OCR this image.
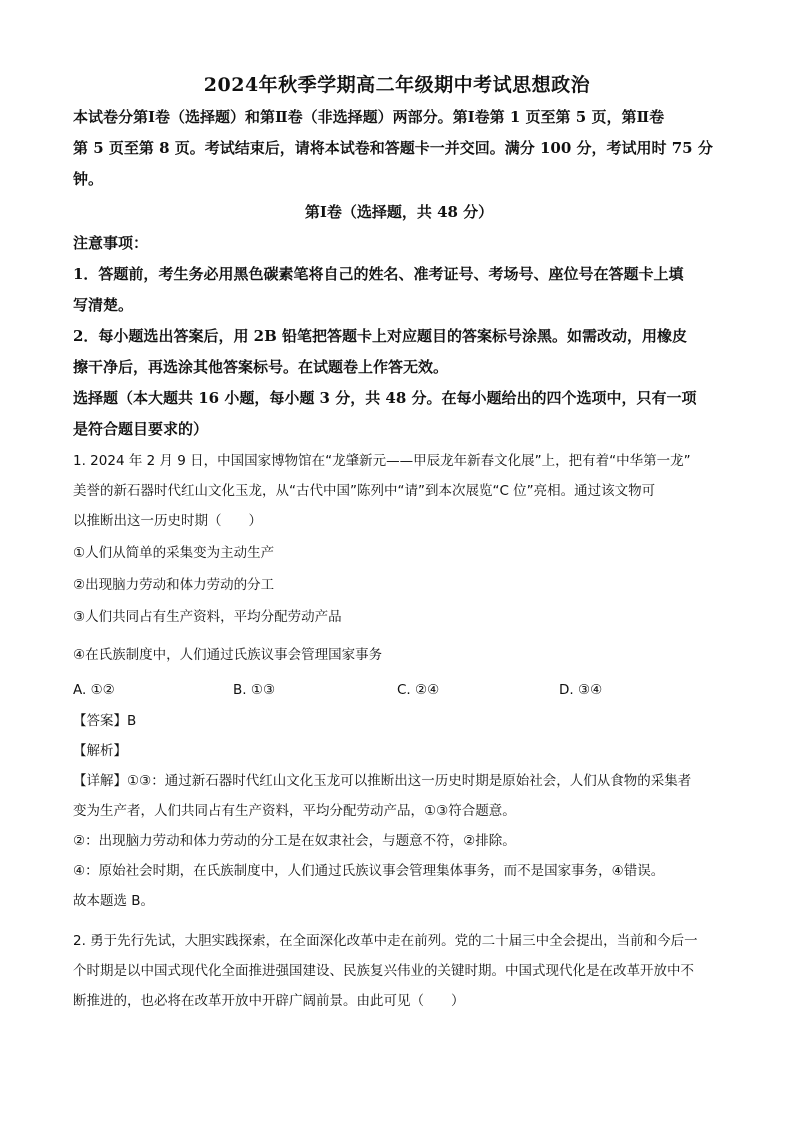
2024年秋季学期高二年级期中考试思想政治
本试卷分第Ⅰ卷（选择题）和第Ⅱ卷（非选择题）两部分。第Ⅰ卷第 1 页至第 5 页，第Ⅱ卷
第 5 页至第 8 页。考试结束后，请将本试卷和答题卡一并交回。满分 100 分，考试用时 75 分
钟。
第Ⅰ卷（选择题，共 48 分）
注意事项：
1．答题前，考生务必用黑色碳素笔将自己的姓名、准考证号、考场号、座位号在答题卡上填
写清楚。
2．每小题选出答案后，用 2B 铅笔把答题卡上对应题目的答案标号涂黑。如需改动，用橡皮
擦干净后，再选涂其他答案标号。在试题卷上作答无效。
选择题（本大题共 16 小题，每小题 3 分，共 48 分。在每小题给出的四个选项中，只有一项
是符合题目要求的）
1. 2024 年 2 月 9 日，中国国家博物馆在“龙肇新元——甲辰龙年新春文化展”上，把有着“中华第一龙”
美誉的新石器时代红山文化玉龙，从“古代中国”陈列中“请”到本次展览“C 位”亮相。通过该文物可
以推断出这一历史时期（　　）
①人们从简单的采集变为主动生产
②出现脑力劳动和体力劳动的分工
③人们共同占有生产资料，平均分配劳动产品
④在氏族制度中，人们通过氏族议事会管理国家事务
A. ①②	B. ①③	C. ②④	D. ③④
【答案】B
【解析】
【详解】①③：通过新石器时代红山文化玉龙可以推断出这一历史时期是原始社会，人们从食物的采集者
变为生产者，人们共同占有生产资料，平均分配劳动产品，①③符合题意。
②：出现脑力劳动和体力劳动的分工是在奴隶社会，与题意不符，②排除。
④：原始社会时期，在氏族制度中，人们通过氏族议事会管理集体事务，而不是国家事务，④错误。
故本题选 B。
2. 勇于先行先试，大胆实践探索，在全面深化改革中走在前列。党的二十届三中全会提出，当前和今后一
个时期是以中国式现代化全面推进强国建设、民族复兴伟业的关键时期。中国式现代化是在改革开放中不
断推进的，也必将在改革开放中开辟广阔前景。由此可见（　　）
